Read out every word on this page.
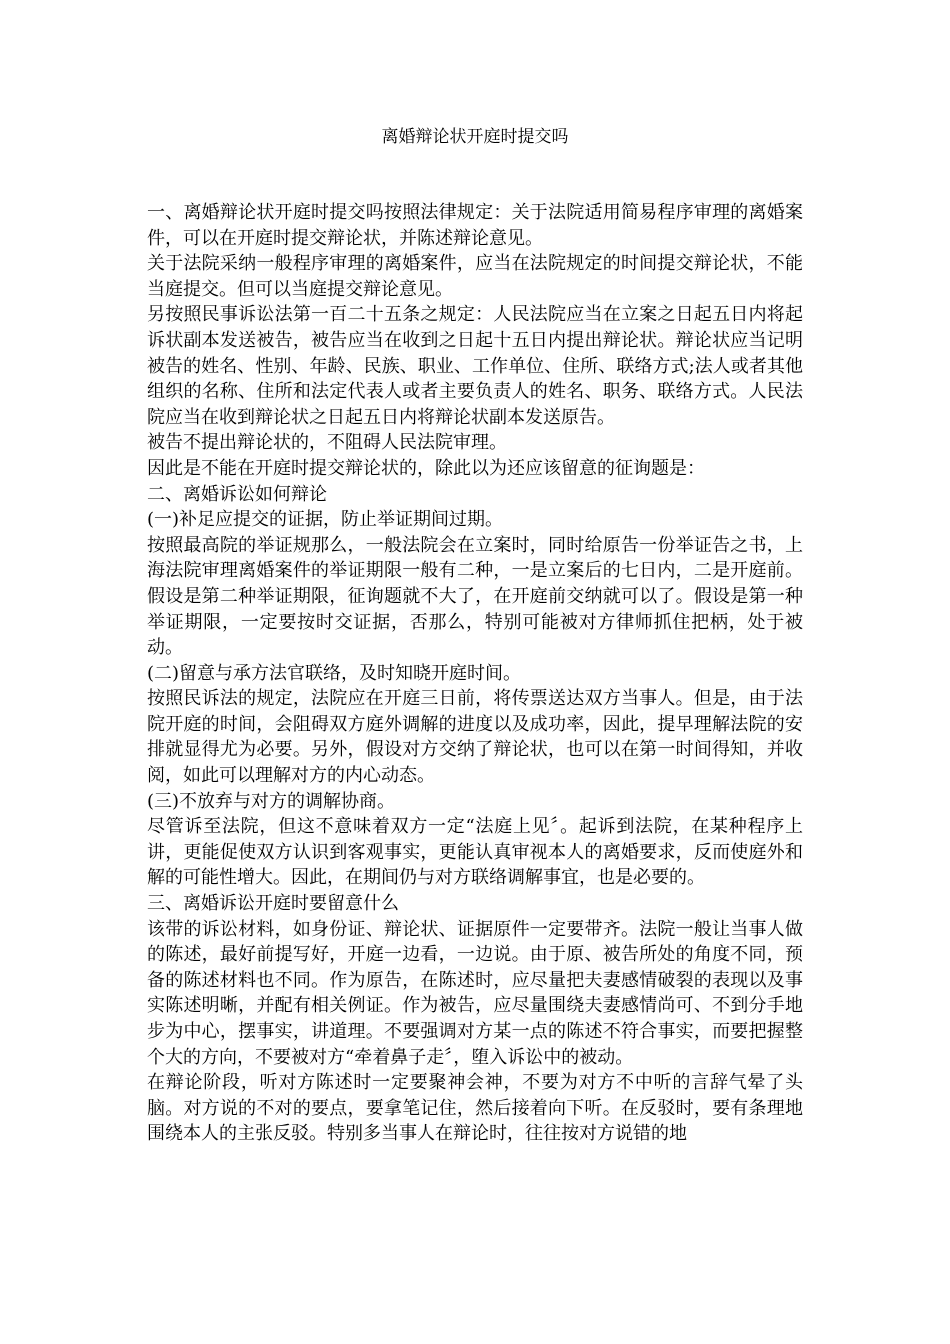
离婚辩论状开庭时提交吗

一、离婚辩论状开庭时提交吗按照法律规定：关于法院适用简易程序审理的离婚案件，可以在开庭时提交辩论状，并陈述辩论意见。

关于法院采纳一般程序审理的离婚案件，应当在法院规定的时间提交辩论状，不能当庭提交。但可以当庭提交辩论意见。

另按照民事诉讼法第一百二十五条之规定：人民法院应当在立案之日起五日内将起诉状副本发送被告，被告应当在收到之日起十五日内提出辩论状。辩论状应当记明被告的姓名、性别、年龄、民族、职业、工作单位、住所、联络方式;法人或者其他组织的名称、住所和法定代表人或者主要负责人的姓名、职务、联络方式。人民法院应当在收到辩论状之日起五日内将辩论状副本发送原告。

被告不提出辩论状的，不阻碍人民法院审理。

因此是不能在开庭时提交辩论状的，除此以为还应该留意的征询题是：

二、离婚诉讼如何辩论

(一)补足应提交的证据，防止举证期间过期。

按照最高院的举证规那么，一般法院会在立案时，同时给原告一份举证告之书，上海法院审理离婚案件的举证期限一般有二种，一是立案后的七日内，二是开庭前。假设是第二种举证期限，征询题就不大了，在开庭前交纳就可以了。假设是第一种举证期限，一定要按时交证据，否那么，特别可能被对方律师抓住把柄，处于被动。

(二)留意与承方法官联络，及时知晓开庭时间。

按照民诉法的规定，法院应在开庭三日前，将传票送达双方当事人。但是，由于法院开庭的时间，会阻碍双方庭外调解的进度以及成功率，因此，提早理解法院的安排就显得尤为必要。另外，假设对方交纳了辩论状，也可以在第一时间得知，并收阅，如此可以理解对方的内心动态。

(三)不放弃与对方的调解协商。

尽管诉至法院，但这不意味着双方一定“法庭上见〞。起诉到法院，在某种程序上讲，更能促使双方认识到客观事实，更能认真审视本人的离婚要求，反而使庭外和解的可能性增大。因此，在期间仍与对方联络调解事宜，也是必要的。

三、离婚诉讼开庭时要留意什么

该带的诉讼材料，如身份证、辩论状、证据原件一定要带齐。法院一般让当事人做的陈述，最好前提写好，开庭一边看，一边说。由于原、被告所处的角度不同，预备的陈述材料也不同。作为原告，在陈述时，应尽量把夫妻感情破裂的表现以及事实陈述明晰，并配有相关例证。作为被告，应尽量围绕夫妻感情尚可、不到分手地步为中心，摆事实，讲道理。不要强调对方某一点的陈述不符合事实，而要把握整个大的方向，不要被对方“牵着鼻子走〞，堕入诉讼中的被动。

在辩论阶段，听对方陈述时一定要聚神会神，不要为对方不中听的言辞气晕了头脑。对方说的不对的要点，要拿笔记住，然后接着向下听。在反驳时，要有条理地围绕本人的主张反驳。特别多当事人在辩论时，往往按对方说错的地
